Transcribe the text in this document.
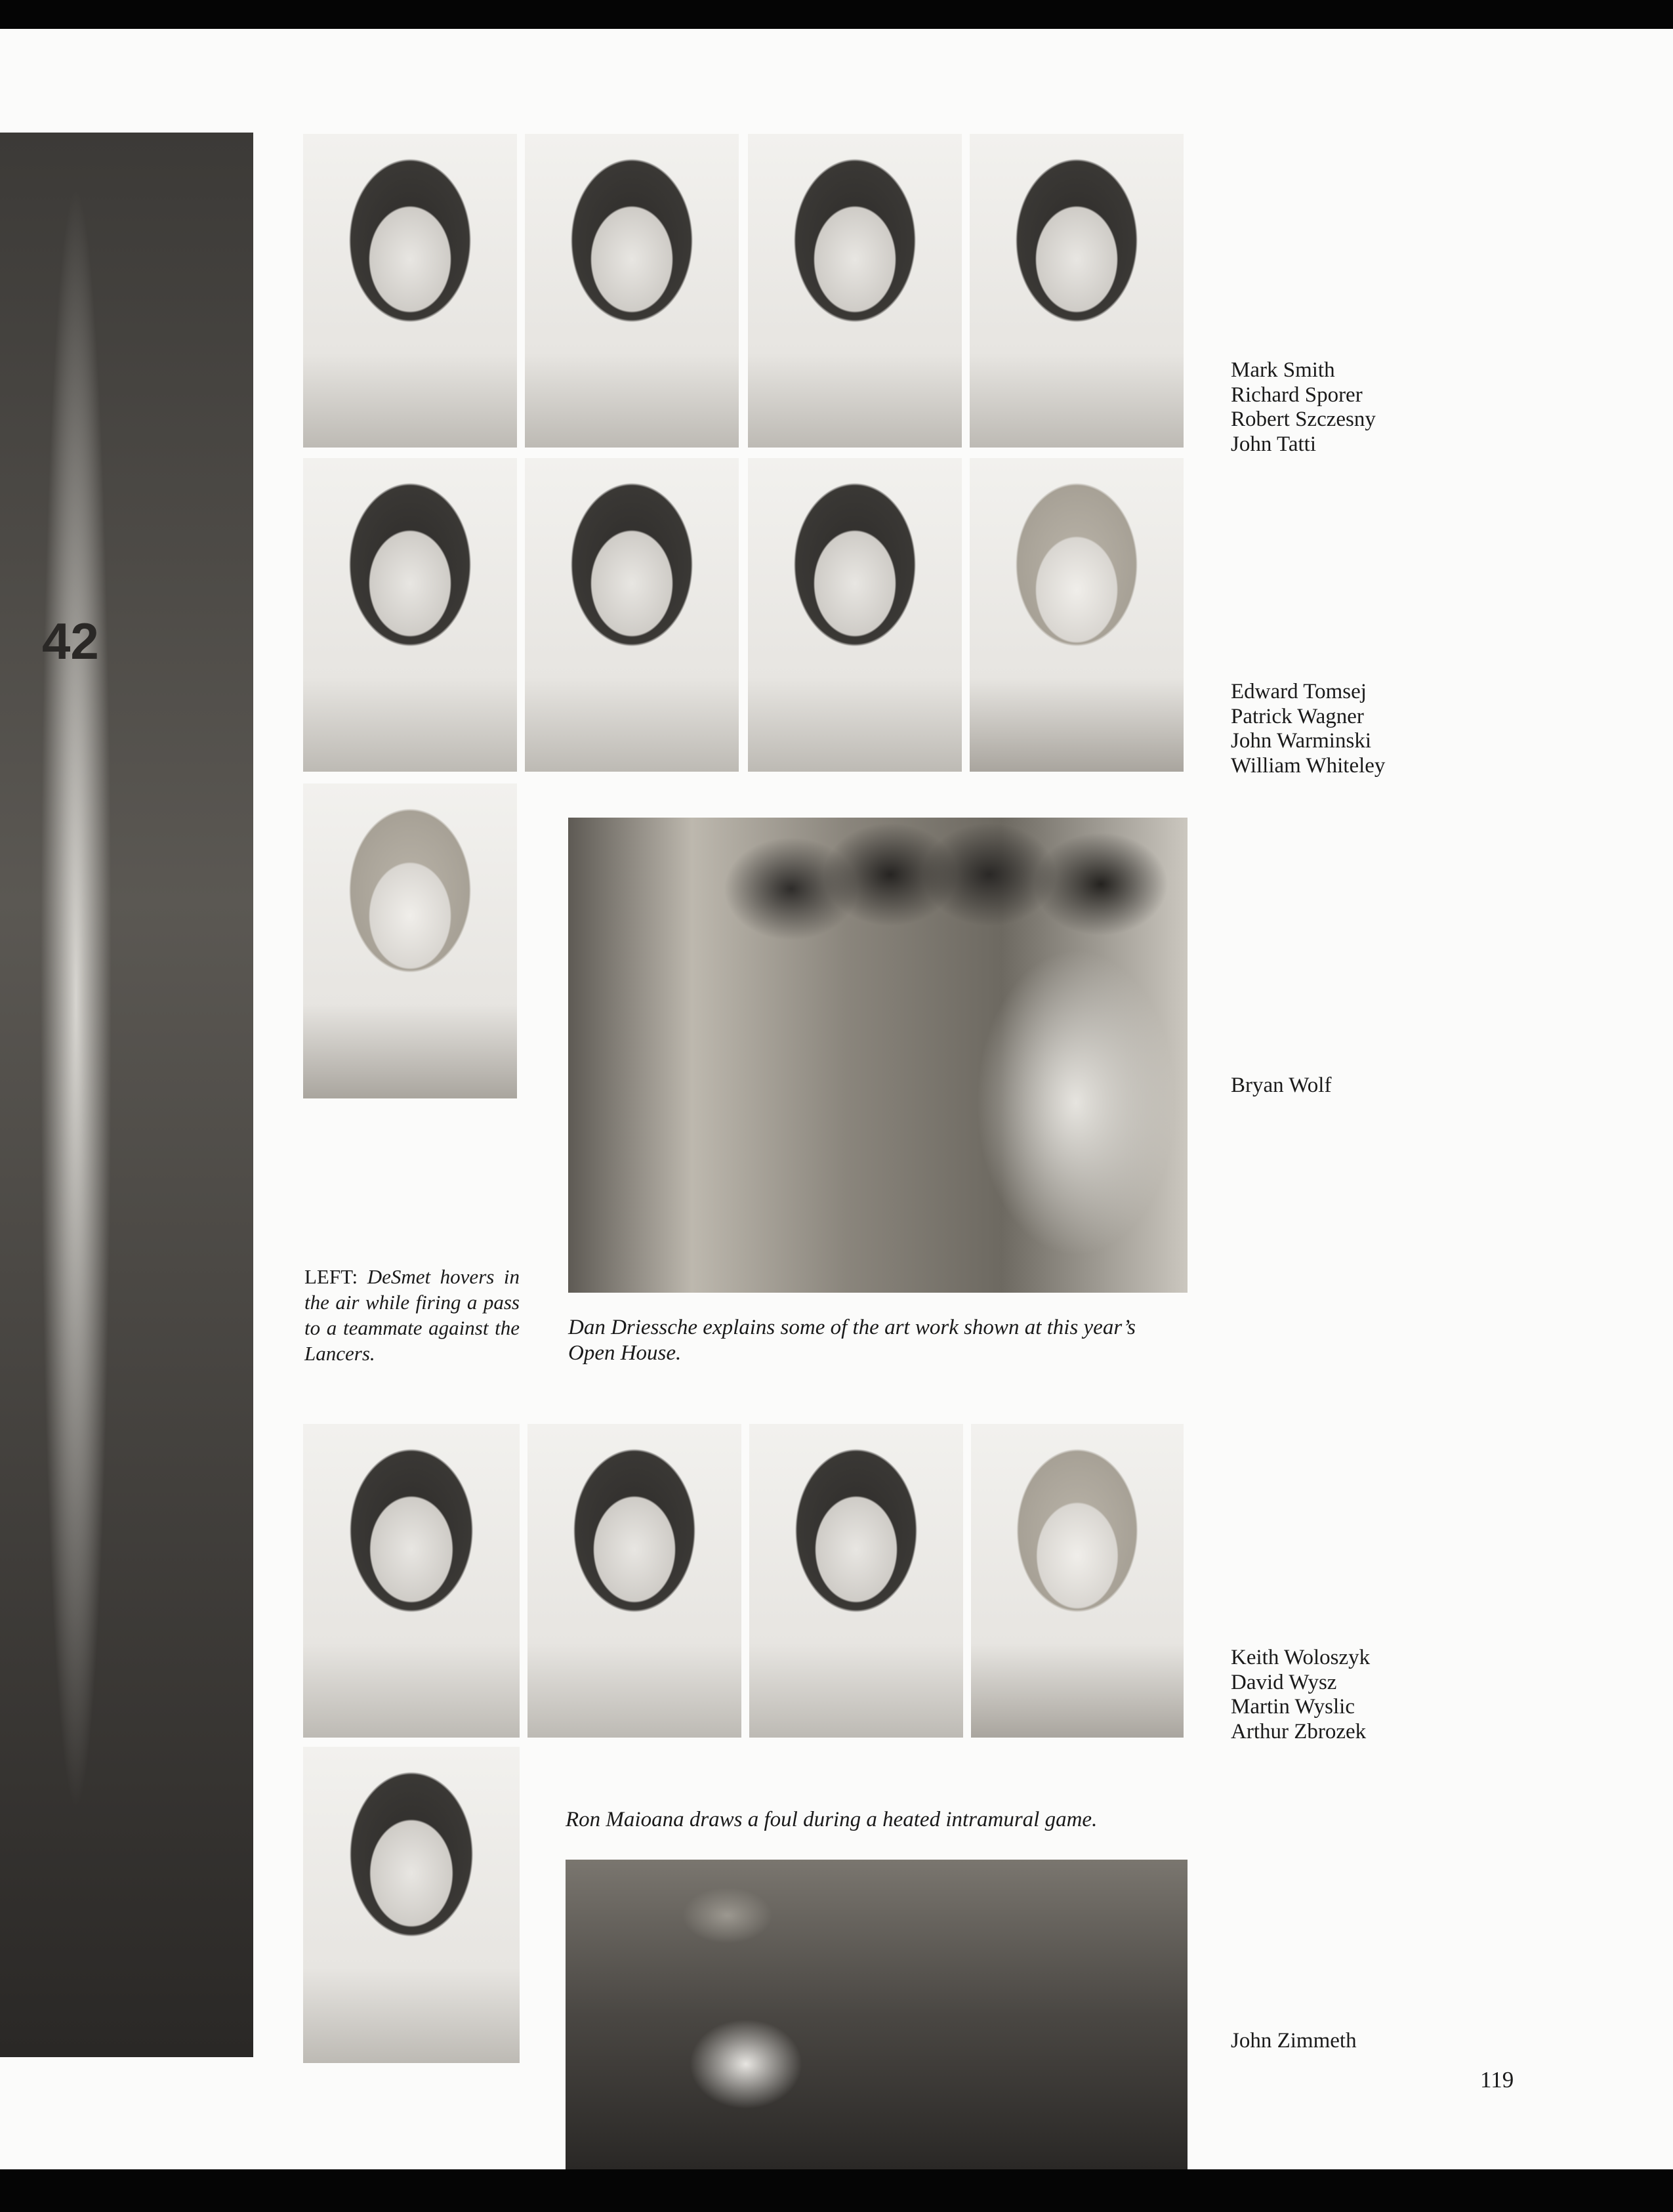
42
LEFT: DeSmet hovers in the air while firing a pass to a teammate against the Lancers.

Dan Driessche explains some of the art work shown at this year’s Open House.

Ron Maioana draws a foul during a heated intramural game.

Mark Smith
Richard Sporer
Robert Szczesny
John Tatti
Edward Tomsej
Patrick Wagner
John Warminski
William Whiteley
Bryan Wolf
Keith Woloszyk
David Wysz
Martin Wyslic
Arthur Zbrozek
John Zimmeth
119
